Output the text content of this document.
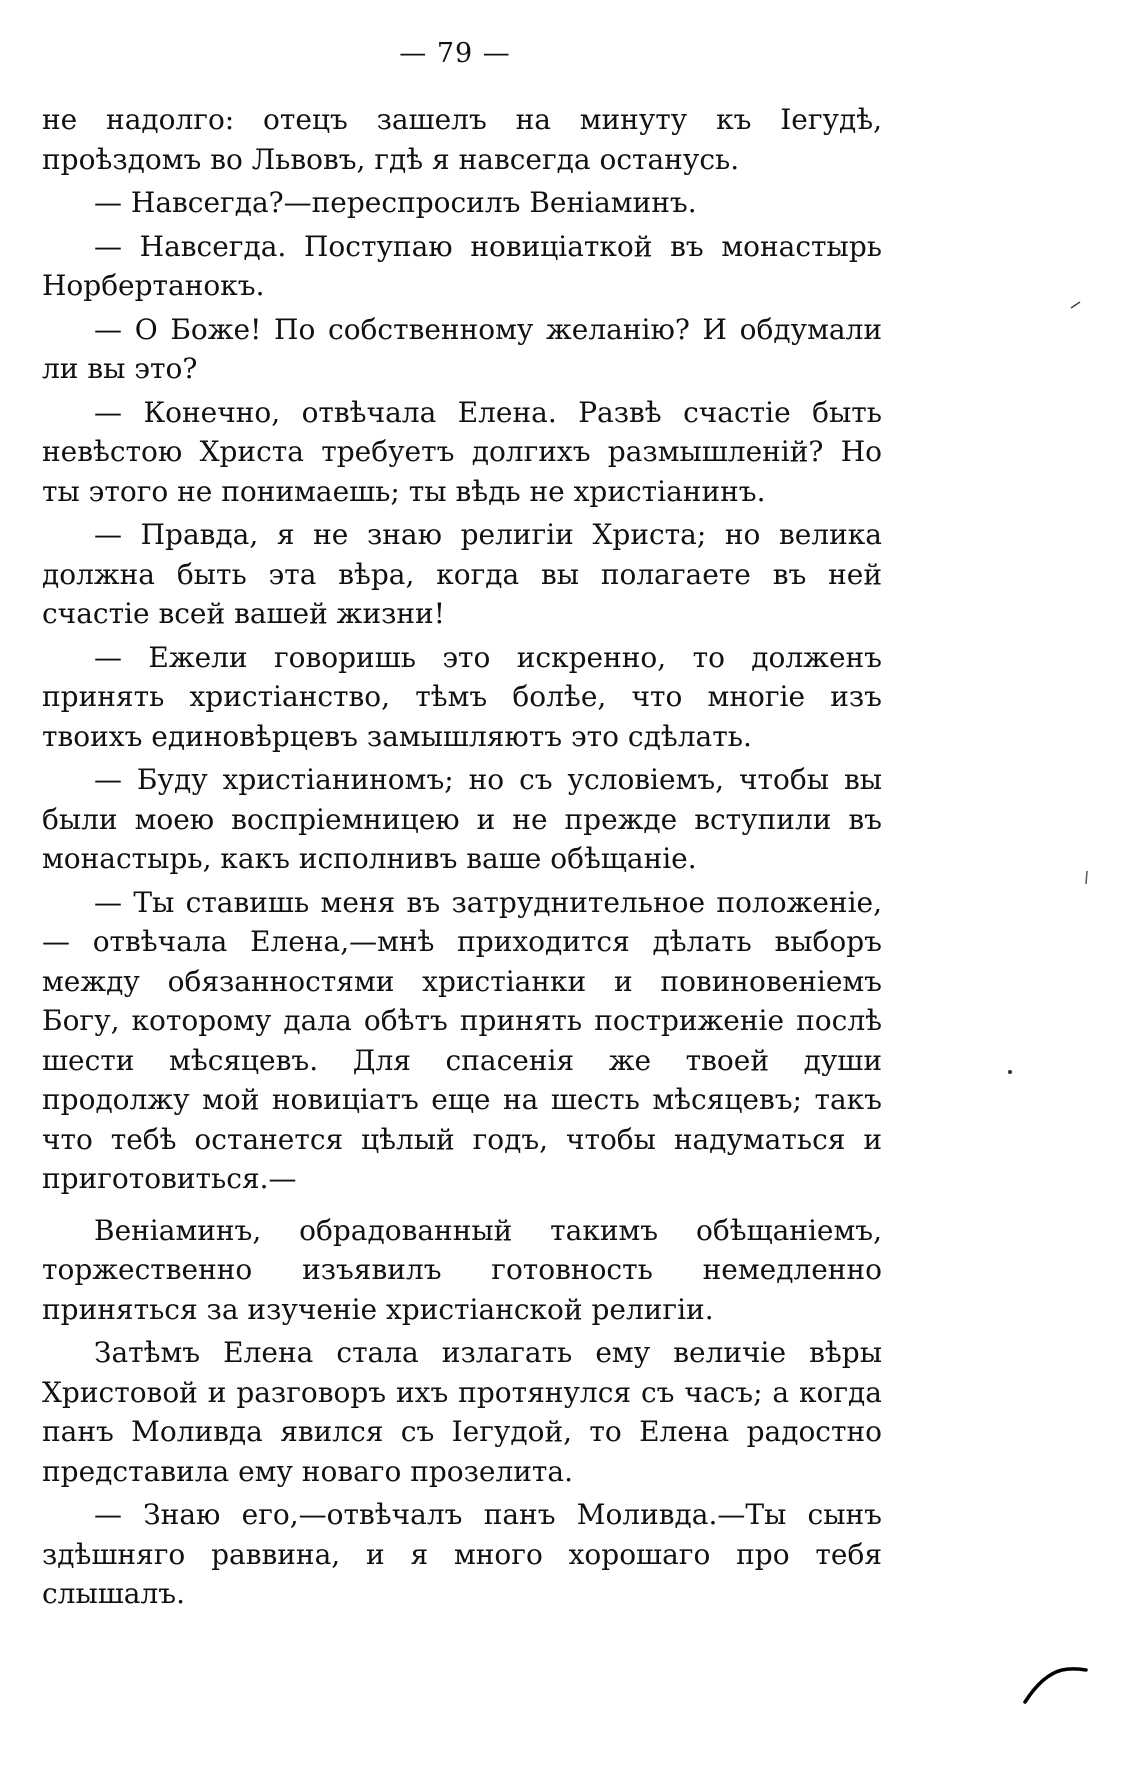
— 79 —

не надолго: отецъ зашелъ на минуту къ Iегудѣ, проѣздомъ во Львовъ, гдѣ я навсегда останусь.

— Навсегда?—переспросилъ Веніаминъ.

— Навсегда. Поступаю новиціаткой въ монастырь Норбертанокъ.

— О Боже! По собственному желанію? И обдумали ли вы это?

— Конечно, отвѣчала Елена. Развѣ счастіе быть невѣстою Христа требуетъ долгихъ размышленій? Но ты этого не понимаешь; ты вѣдь не христіанинъ.

— Правда, я не знаю религіи Христа; но велика должна быть эта вѣра, когда вы полагаете въ ней счастіе всей вашей жизни!

— Ежели говоришь это искренно, то долженъ принять христіанство, тѣмъ болѣе, что многіе изъ твоихъ единовѣрцевъ замышляютъ это сдѣлать.

— Буду христіаниномъ; но съ условіемъ, чтобы вы были моею воспріемницею и не прежде вступили въ монастырь, какъ исполнивъ ваше обѣщаніе.

— Ты ставишь меня въ затруднительное положеніе,— отвѣчала Елена,—мнѣ приходится дѣлать выборъ между обязанностями христіанки и повиновеніемъ Богу, которому дала обѣтъ принять постриженіе послѣ шести мѣсяцевъ. Для спасенія же твоей души продолжу мой новиціатъ еще на шесть мѣсяцевъ; такъ что тебѣ останется цѣлый годъ, чтобы надуматься и приготовиться.—

Веніаминъ, обрадованный такимъ обѣщаніемъ, торжественно изъявилъ готовность немедленно приняться за изученіе христіанской религіи.

Затѣмъ Елена стала излагать ему величіе вѣры Христовой и разговоръ ихъ протянулся съ часъ; а когда панъ Моливда явился съ Iегудой, то Елена радостно представила ему новаго прозелита.

— Знаю его,—отвѣчалъ панъ Моливда.—Ты сынъ здѣшняго раввина, и я много хорошаго про тебя слышалъ.
